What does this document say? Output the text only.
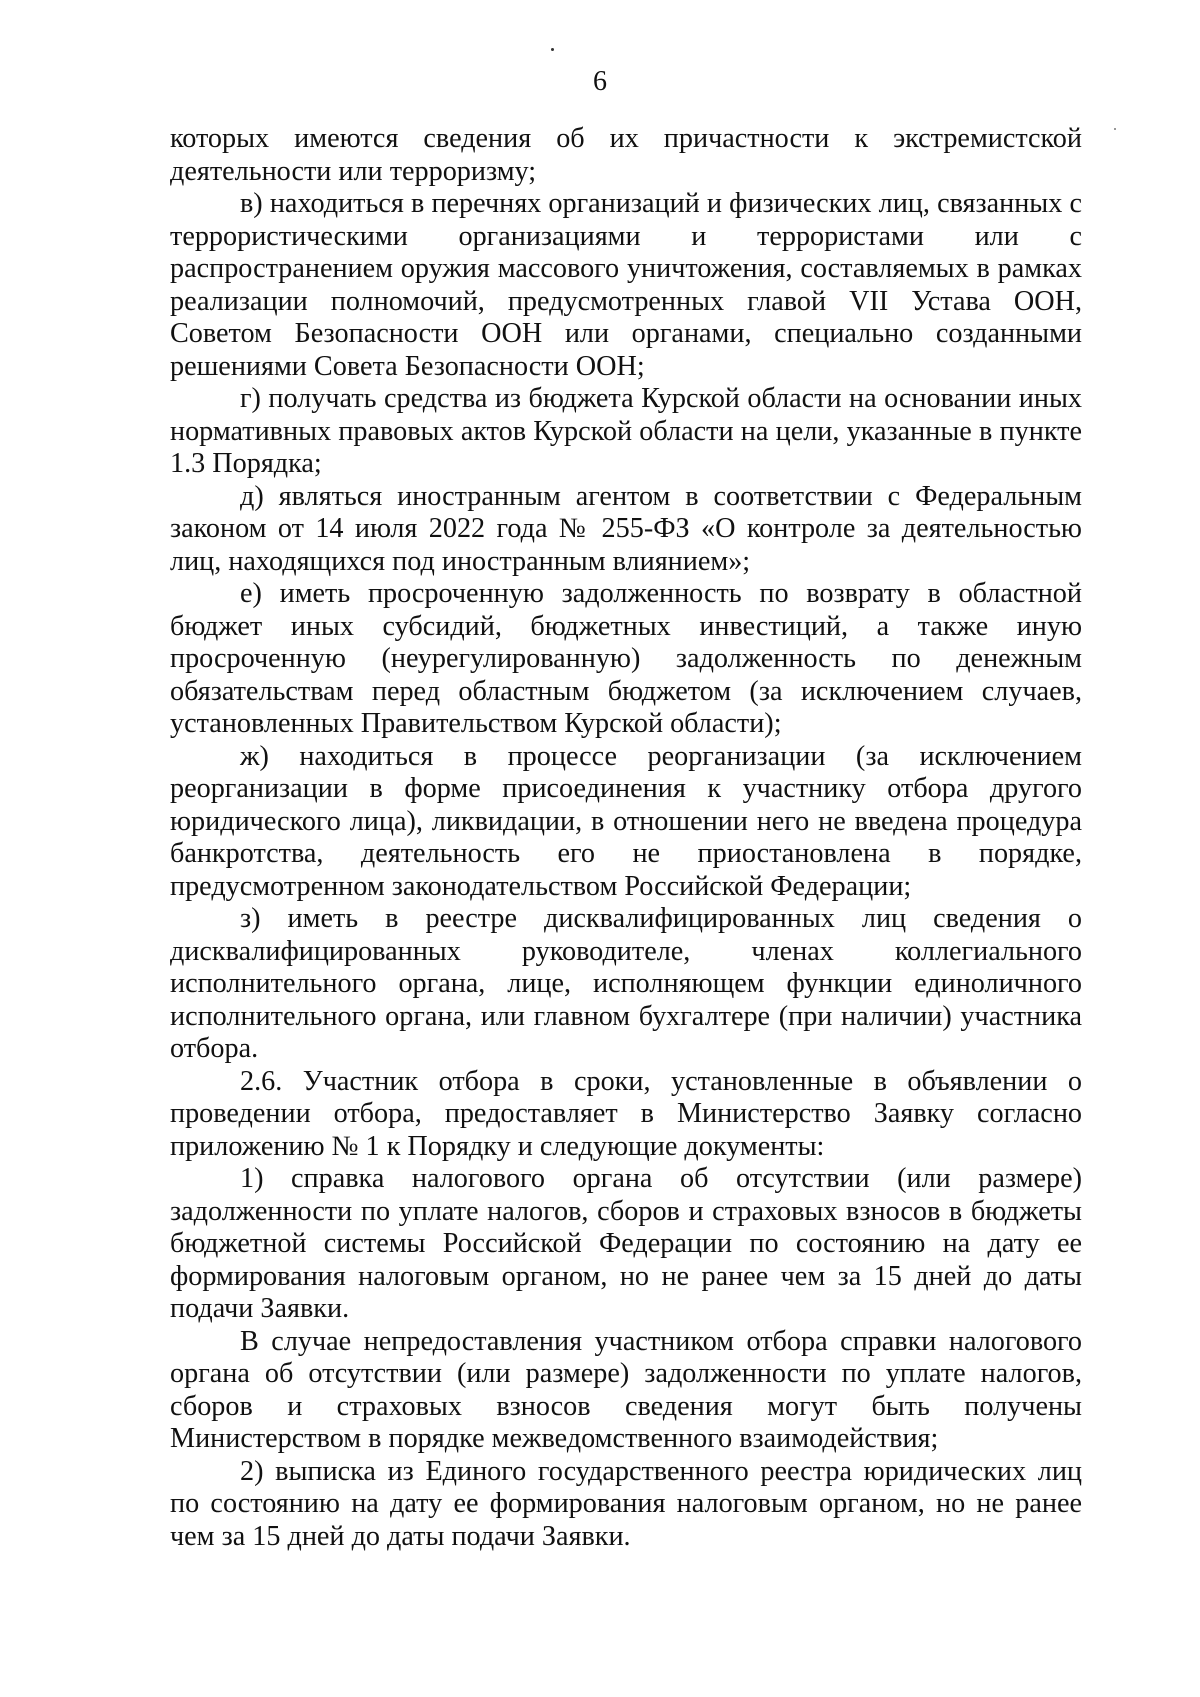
6

которых имеются сведения об их причастности к экстремистской деятельности или терроризму;

в) находиться в перечнях организаций и физических лиц, связанных с террористическими организациями и террористами или с распространением оружия массового уничтожения, составляемых в рамках реализации полномочий, предусмотренных главой VII Устава ООН, Советом Безопасности ООН или органами, специально созданными решениями Совета Безопасности ООН;

г) получать средства из бюджета Курской области на основании иных нормативных правовых актов Курской области на цели, указанные в пункте 1.3 Порядка;

д) являться иностранным агентом в соответствии с Федеральным законом от 14 июля 2022 года № 255-ФЗ «О контроле за деятельностью лиц, находящихся под иностранным влиянием»;

е) иметь просроченную задолженность по возврату в областной бюджет иных субсидий, бюджетных инвестиций, а также иную просроченную (неурегулированную) задолженность по денежным обязательствам перед областным бюджетом (за исключением случаев, установленных Правительством Курской области);

ж) находиться в процессе реорганизации (за исключением реорганизации в форме присоединения к участнику отбора другого юридического лица), ликвидации, в отношении него не введена процедура банкротства, деятельность его не приостановлена в порядке, предусмотренном законодательством Российской Федерации;

з) иметь в реестре дисквалифицированных лиц сведения о дисквалифицированных руководителе, членах коллегиального исполнительного органа, лице, исполняющем функции единоличного исполнительного органа, или главном бухгалтере (при наличии) участника отбора.

2.6. Участник отбора в сроки, установленные в объявлении о проведении отбора, предоставляет в Министерство Заявку согласно приложению № 1 к Порядку и следующие документы:

1) справка налогового органа об отсутствии (или размере) задолженности по уплате налогов, сборов и страховых взносов в бюджеты бюджетной системы Российской Федерации по состоянию на дату ее формирования налоговым органом, но не ранее чем за 15 дней до даты подачи Заявки.

В случае непредоставления участником отбора справки налогового органа об отсутствии (или размере) задолженности по уплате налогов, сборов и страховых взносов сведения могут быть получены Министерством в порядке межведомственного взаимодействия;

2) выписка из Единого государственного реестра юридических лиц по состоянию на дату ее формирования налоговым органом, но не ранее чем за 15 дней до даты подачи Заявки.
